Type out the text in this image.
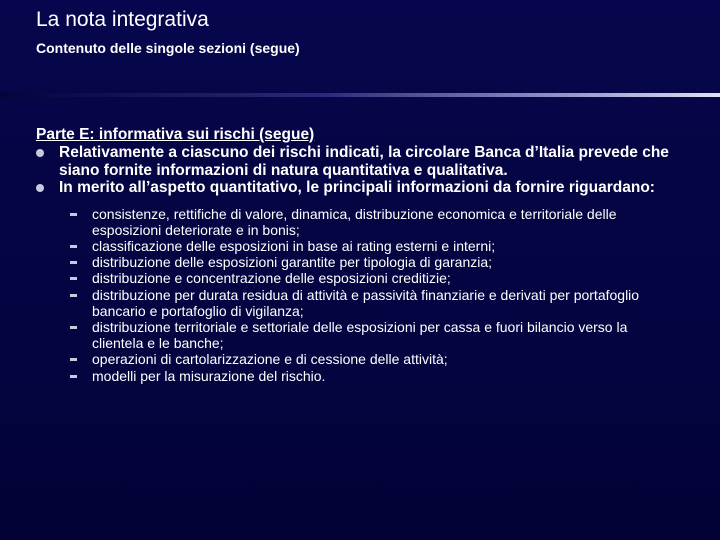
La nota integrativa
Contenuto delle singole sezioni (segue)
Parte E: informativa sui rischi (segue)
Relativamente a ciascuno dei rischi indicati, la circolare Banca d’Italia prevede che siano fornite informazioni di natura quantitativa e qualitativa.
In merito all’aspetto quantitativo, le principali informazioni da fornire riguardano:
consistenze, rettifiche di valore, dinamica, distribuzione economica e territoriale delle esposizioni deteriorate e in bonis;
classificazione delle esposizioni in base ai rating esterni e interni;
distribuzione delle esposizioni garantite per tipologia di garanzia;
distribuzione e concentrazione delle esposizioni creditizie;
distribuzione per durata residua di attività e passività finanziarie e derivati per portafoglio bancario e portafoglio di vigilanza;
distribuzione territoriale e settoriale delle esposizioni per cassa e fuori bilancio verso la clientela e le banche;
operazioni di cartolarizzazione e di cessione delle attività;
modelli per la misurazione del rischio.
